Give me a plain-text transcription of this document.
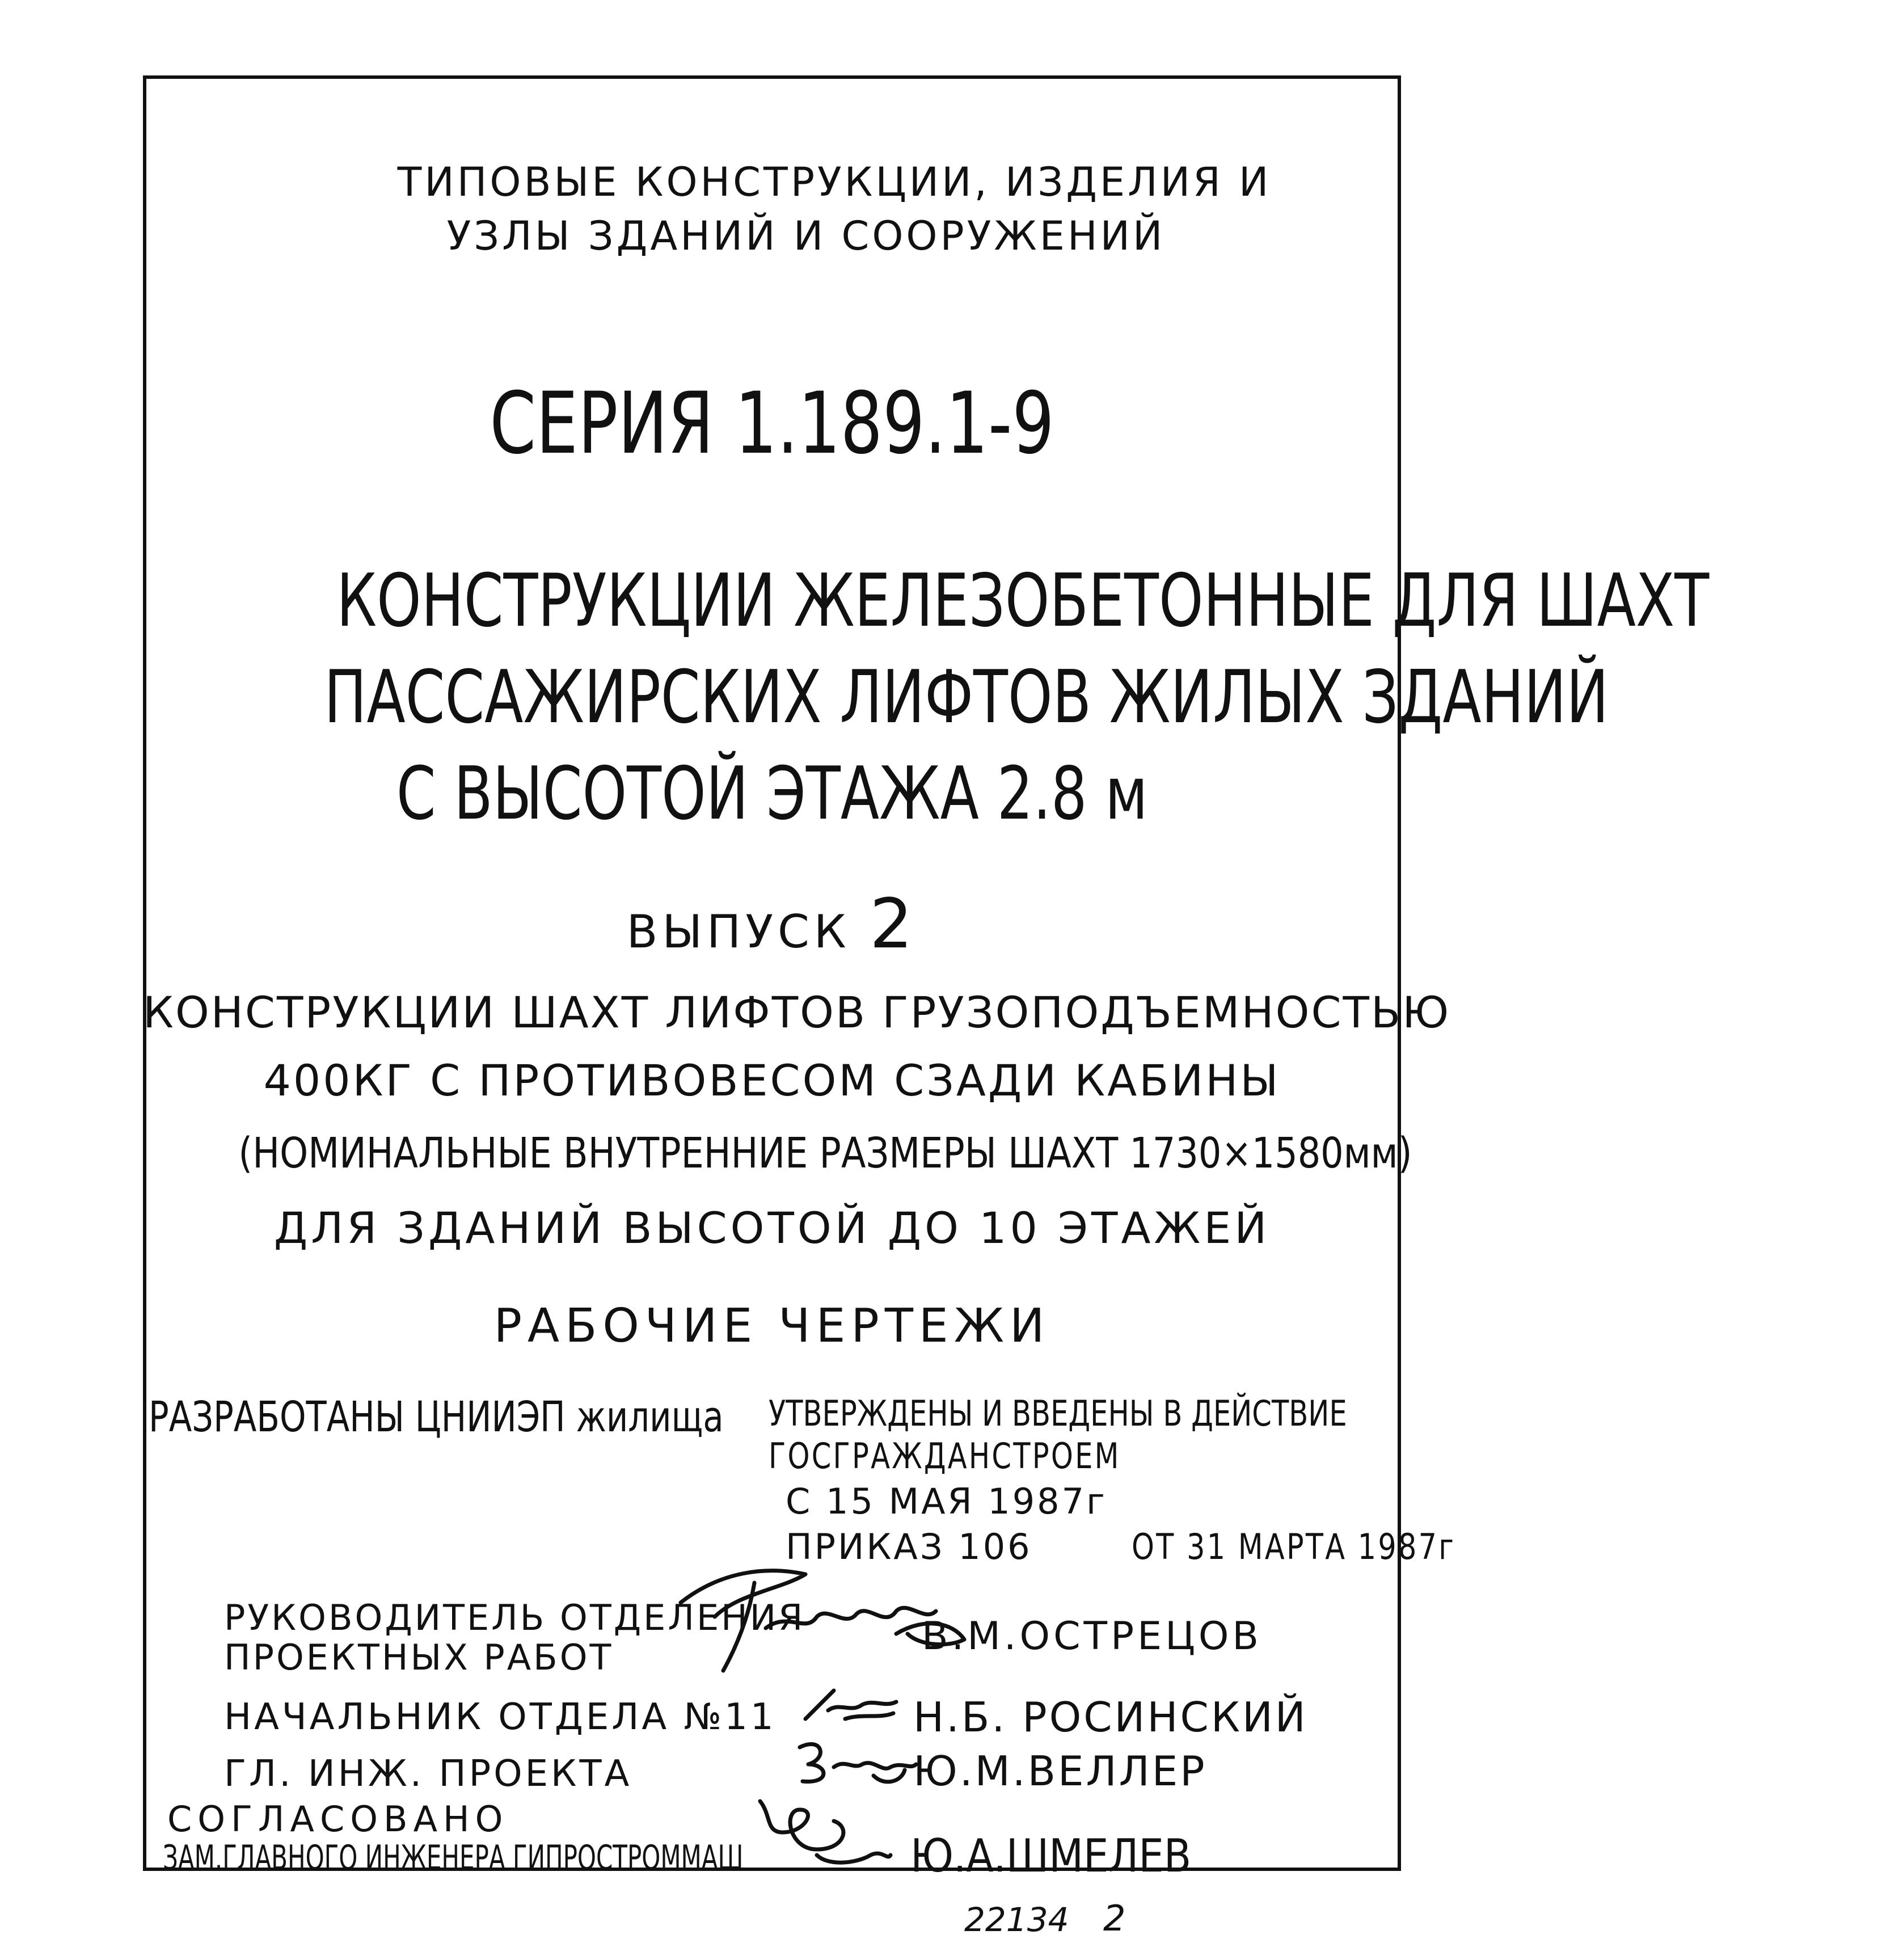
ТИПОВЫЕ КОНСТРУКЦИИ, ИЗДЕЛИЯ И
УЗЛЫ ЗДАНИЙ И СООРУЖЕНИЙ
СЕРИЯ 1.189.1-9
КОНСТРУКЦИИ ЖЕЛЕЗОБЕТОННЫЕ ДЛЯ ШАХТ
ПАССАЖИРСКИХ ЛИФТОВ ЖИЛЫХ ЗДАНИЙ
С ВЫСОТОЙ ЭТАЖА 2.8 м
ВЫПУСК 2
КОНСТРУКЦИИ ШАХТ ЛИФТОВ ГРУЗОПОДЪЕМНОСТЬЮ
400КГ С ПРОТИВОВЕСОМ СЗАДИ КАБИНЫ
(НОМИНАЛЬНЫЕ ВНУТРЕННИЕ РАЗМЕРЫ ШАХТ 1730×1580мм)
ДЛЯ ЗДАНИЙ ВЫСОТОЙ ДО 10 ЭТАЖЕЙ
РАБОЧИЕ ЧЕРТЕЖИ
РАЗРАБОТАНЫ ЦНИИЭП жилища	УТВЕРЖДЕНЫ И ВВЕДЕНЫ В ДЕЙСТВИЕ
ГОСГРАЖДАНСТРОЕМ
С 15 МАЯ 1987г
ПРИКАЗ 106	ОТ 31 МАРТА 1987г
РУКОВОДИТЕЛЬ ОТДЕЛЕНИЯ
ПРОЕКТНЫХ РАБОТ	В.М.ОСТРЕЦОВ
НАЧАЛЬНИК ОТДЕЛА №11	Н.Б. РОСИНСКИЙ
ГЛ. ИНЖ. ПРОЕКТА	Ю.М.ВЕЛЛЕР
СОГЛАСОВАНО
ЗАМ.ГЛАВНОГО ИНЖЕНЕРА ГИПРОСТРОММАШ	Ю.А.ШМЕЛЕВ
22134 2
